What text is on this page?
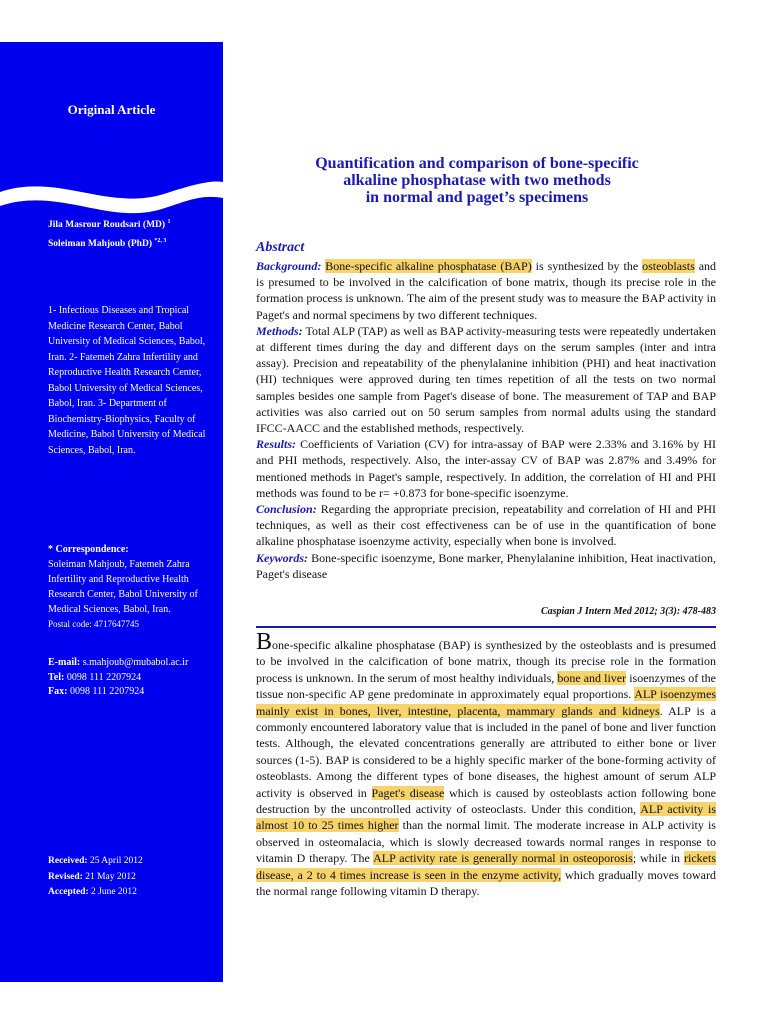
Original Article
Jila Masrour Roudsari (MD) $^1$
Soleiman Mahjoub (PhD) $^{*2, 3}$
1- Infectious Diseases and Tropical Medicine Research Center, Babol University of Medical Sciences, Babol, Iran. 2- Fatemeh Zahra Infertility and Reproductive Health Research Center, Babol University of Medical Sciences, Babol, Iran. 3- Department of Biochemistry-Biophysics, Faculty of Medicine, Babol University of Medical Sciences, Babol, Iran.
* Correspondence:
Soleiman Mahjoub, Fatemeh Zahra Infertility and Reproductive Health Research Center, Babol University of Medical Sciences, Babol, Iran.
Postal code: 4717647745
E-mail: s.mahjoub@mubabol.ac.ir
Tel: 0098 111 2207924
Fax: 0098 111 2207924
Received: 25 April 2012
Revised: 21 May 2012
Accepted: 2 June 2012
Quantification and comparison of bone-specific
alkaline phosphatase with two methods
in normal and paget’s specimens
Abstract

Background: Bone-specific alkaline phosphatase (BAP) is synthesized by the osteoblasts and is presumed to be involved in the calcification of bone matrix, though its precise role in the formation process is unknown. The aim of the present study was to measure the BAP activity in Paget's and normal specimens by two different techniques.

Methods: Total ALP (TAP) as well as BAP activity-measuring tests were repeatedly undertaken at different times during the day and different days on the serum samples (inter and intra assay). Precision and repeatability of the phenylalanine inhibition (PHI) and heat inactivation (HI) techniques were approved during ten times repetition of all the tests on two normal samples besides one sample from Paget's disease of bone. The measurement of TAP and BAP activities was also carried out on 50 serum samples from normal adults using the standard IFCC-AACC and the established methods, respectively.

Results: Coefficients of Variation (CV) for intra-assay of BAP were 2.33% and 3.16% by HI and PHI methods, respectively. Also, the inter-assay CV of BAP was 2.87% and 3.49% for mentioned methods in Paget's sample, respectively. In addition, the correlation of HI and PHI methods was found to be r= +0.873 for bone-specific isoenzyme.

Conclusion: Regarding the appropriate precision, repeatability and correlation of HI and PHI techniques, as well as their cost effectiveness can be of use in the quantification of bone alkaline phosphatase isoenzyme activity, especially when bone is involved.

Keywords: Bone-specific isoenzyme, Bone marker, Phenylalanine inhibition, Heat inactivation, Paget's disease

Caspian J Intern Med 2012; 3(3): 478-483

Bone-specific alkaline phosphatase (BAP) is synthesized by the osteoblasts and is presumed to be involved in the calcification of bone matrix, though its precise role in the formation process is unknown. In the serum of most healthy individuals, bone and liver isoenzymes of the tissue non-specific AP gene predominate in approximately equal proportions. ALP isoenzymes mainly exist in bones, liver, intestine, placenta, mammary glands and kidneys. ALP is a commonly encountered laboratory value that is included in the panel of bone and liver function tests. Although, the elevated concentrations generally are attributed to either bone or liver sources (1-5). BAP is considered to be a highly specific marker of the bone-forming activity of osteoblasts. Among the different types of bone diseases, the highest amount of serum ALP activity is observed in Paget's disease which is caused by osteoblasts action following bone destruction by the uncontrolled activity of osteoclasts. Under this condition, ALP activity is almost 10 to 25 times higher than the normal limit. The moderate increase in ALP activity is observed in osteomalacia, which is slowly decreased towards normal ranges in response to vitamin D therapy. The ALP activity rate is generally normal in osteoporosis; while in rickets disease, a 2 to 4 times increase is seen in the enzyme activity, which gradually moves toward the normal range following vitamin D therapy.
